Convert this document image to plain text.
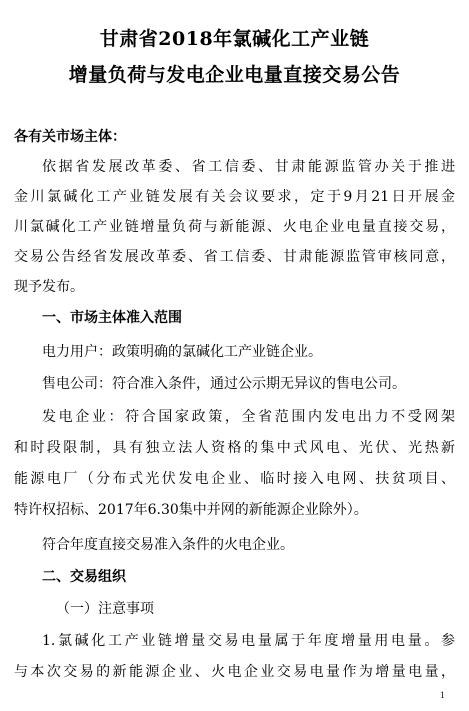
甘肃省2018年氯碱化工产业链
增量负荷与发电企业电量直接交易公告
各有关市场主体：
依据省发展改革委、省工信委、甘肃能源监管办关于推进
金川氯碱化工产业链发展有关会议要求，定于9月21日开展金
川氯碱化工产业链增量负荷与新能源、火电企业电量直接交易，
交易公告经省发展改革委、省工信委、甘肃能源监管审核同意，
现予发布。
一、市场主体准入范围
电力用户：政策明确的氯碱化工产业链企业。
售电公司：符合准入条件，通过公示期无异议的售电公司。
发电企业：符合国家政策，全省范围内发电出力不受网架
和时段限制，具有独立法人资格的集中式风电、光伏、光热新
能源电厂（分布式光伏发电企业、临时接入电网、扶贫项目、
特许权招标、2017年6.30集中并网的新能源企业除外）。
符合年度直接交易准入条件的火电企业。
二、交易组织
（一）注意事项
1.氯碱化工产业链增量交易电量属于年度增量用电量。参
与本次交易的新能源企业、火电企业交易电量作为增量电量，
1
